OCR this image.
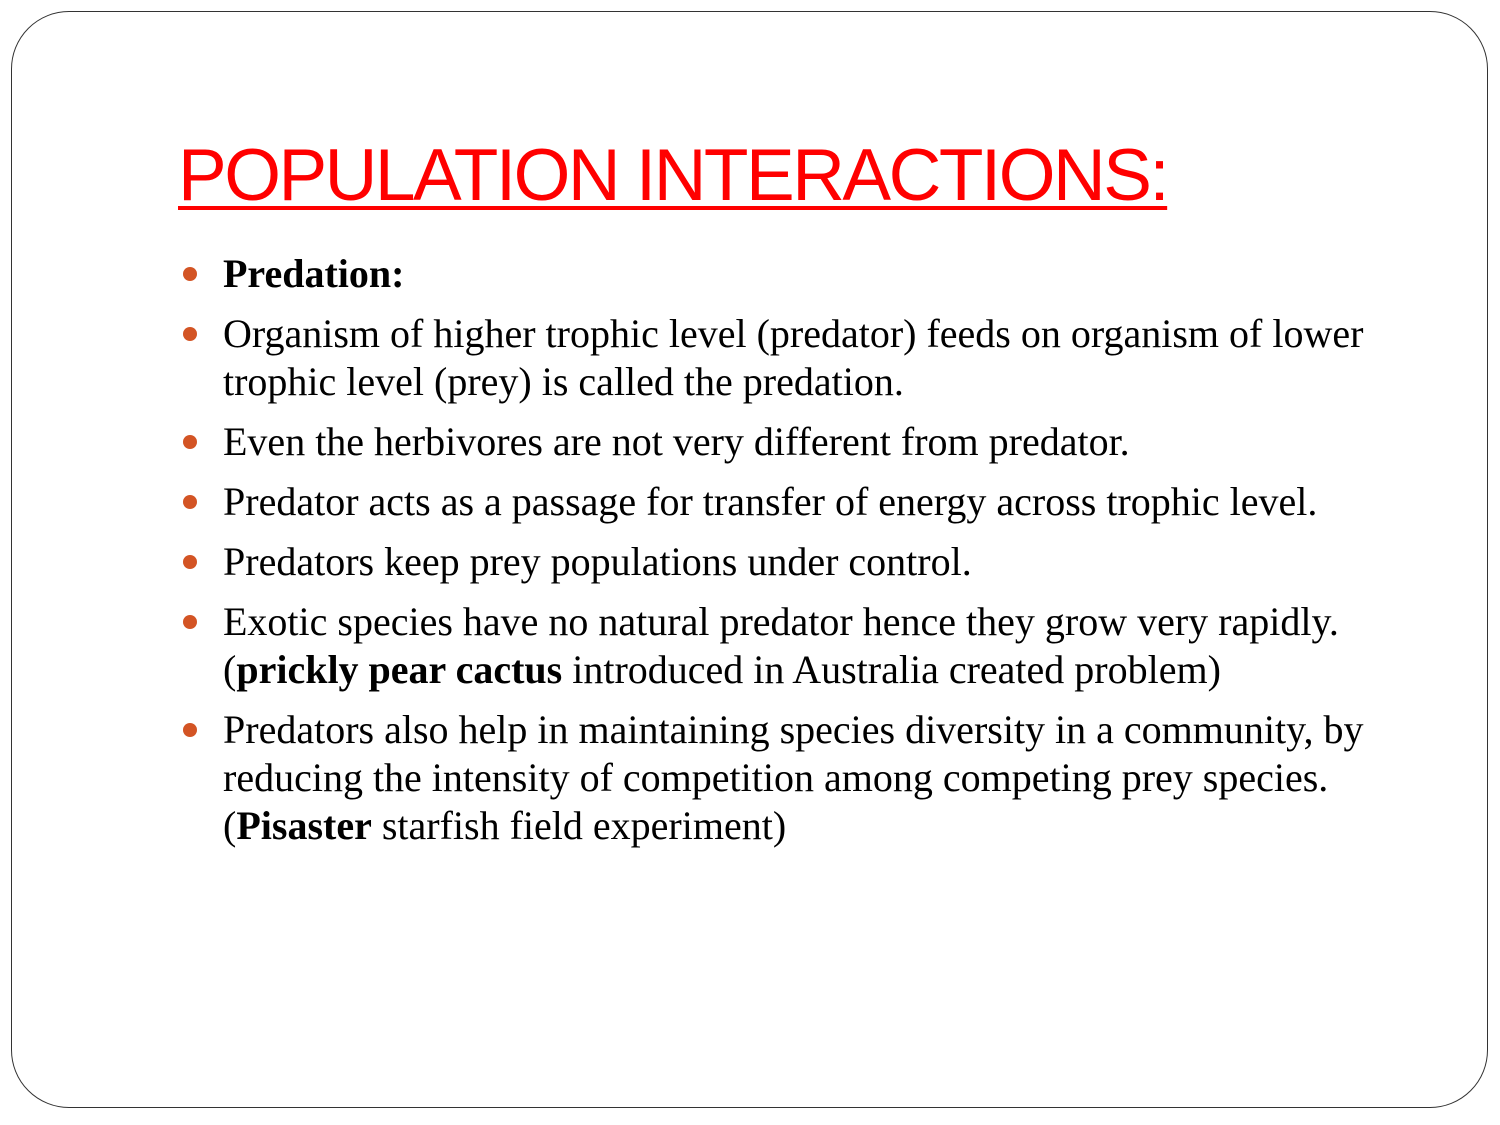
POPULATION INTERACTIONS:
Predation:
Organism of higher trophic level (predator) feeds on organism of lower trophic level (prey) is called the predation.
Even the herbivores are not very different from predator.
Predator acts as a passage for transfer of energy across trophic level.
Predators keep prey populations under control.
Exotic species have no natural predator hence they grow very rapidly. (prickly pear cactus introduced in Australia created problem)
Predators also help in maintaining species diversity in a community, by reducing the intensity of competition among competing prey species. (Pisaster starfish field experiment)
